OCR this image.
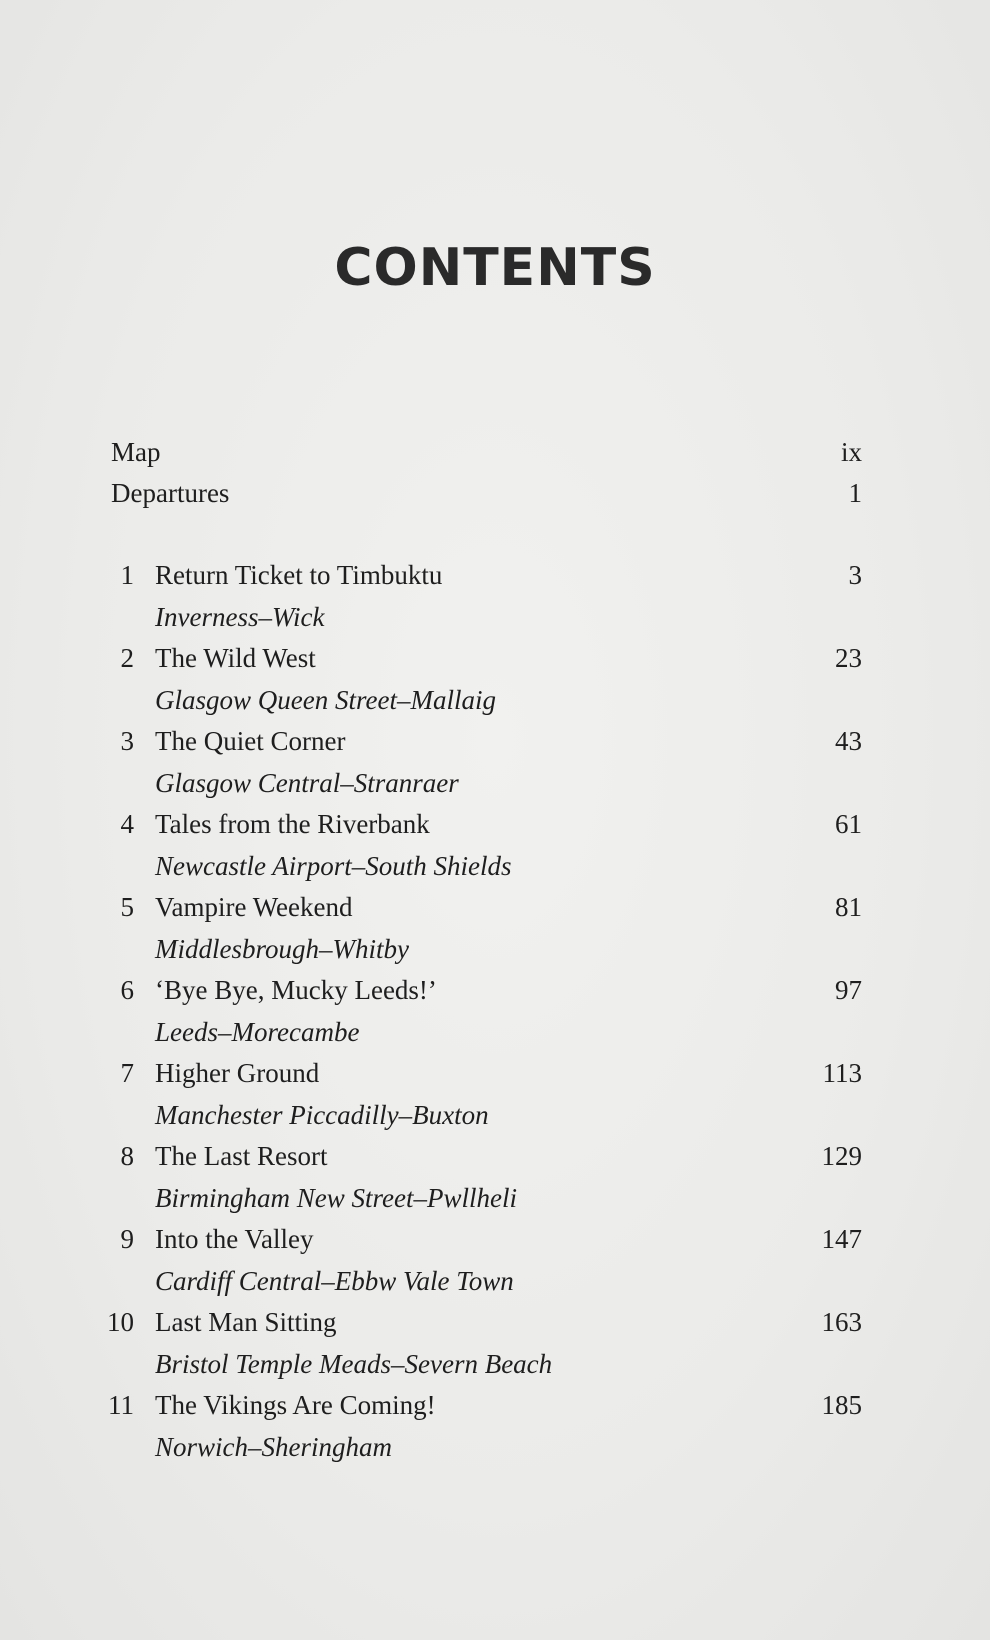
CONTENTS
Map	ix
Departures	1
1 Return Ticket to Timbuktu	3
Inverness–Wick
2 The Wild West	23
Glasgow Queen Street–Mallaig
3 The Quiet Corner	43
Glasgow Central–Stranraer
4 Tales from the Riverbank	61
Newcastle Airport–South Shields
5 Vampire Weekend	81
Middlesbrough–Whitby
6 ‘Bye Bye, Mucky Leeds!’	97
Leeds–Morecambe
7 Higher Ground	113
Manchester Piccadilly–Buxton
8 The Last Resort	129
Birmingham New Street–Pwllheli
9 Into the Valley	147
Cardiff Central–Ebbw Vale Town
10 Last Man Sitting	163
Bristol Temple Meads–Severn Beach
11 The Vikings Are Coming!	185
Norwich–Sheringham
